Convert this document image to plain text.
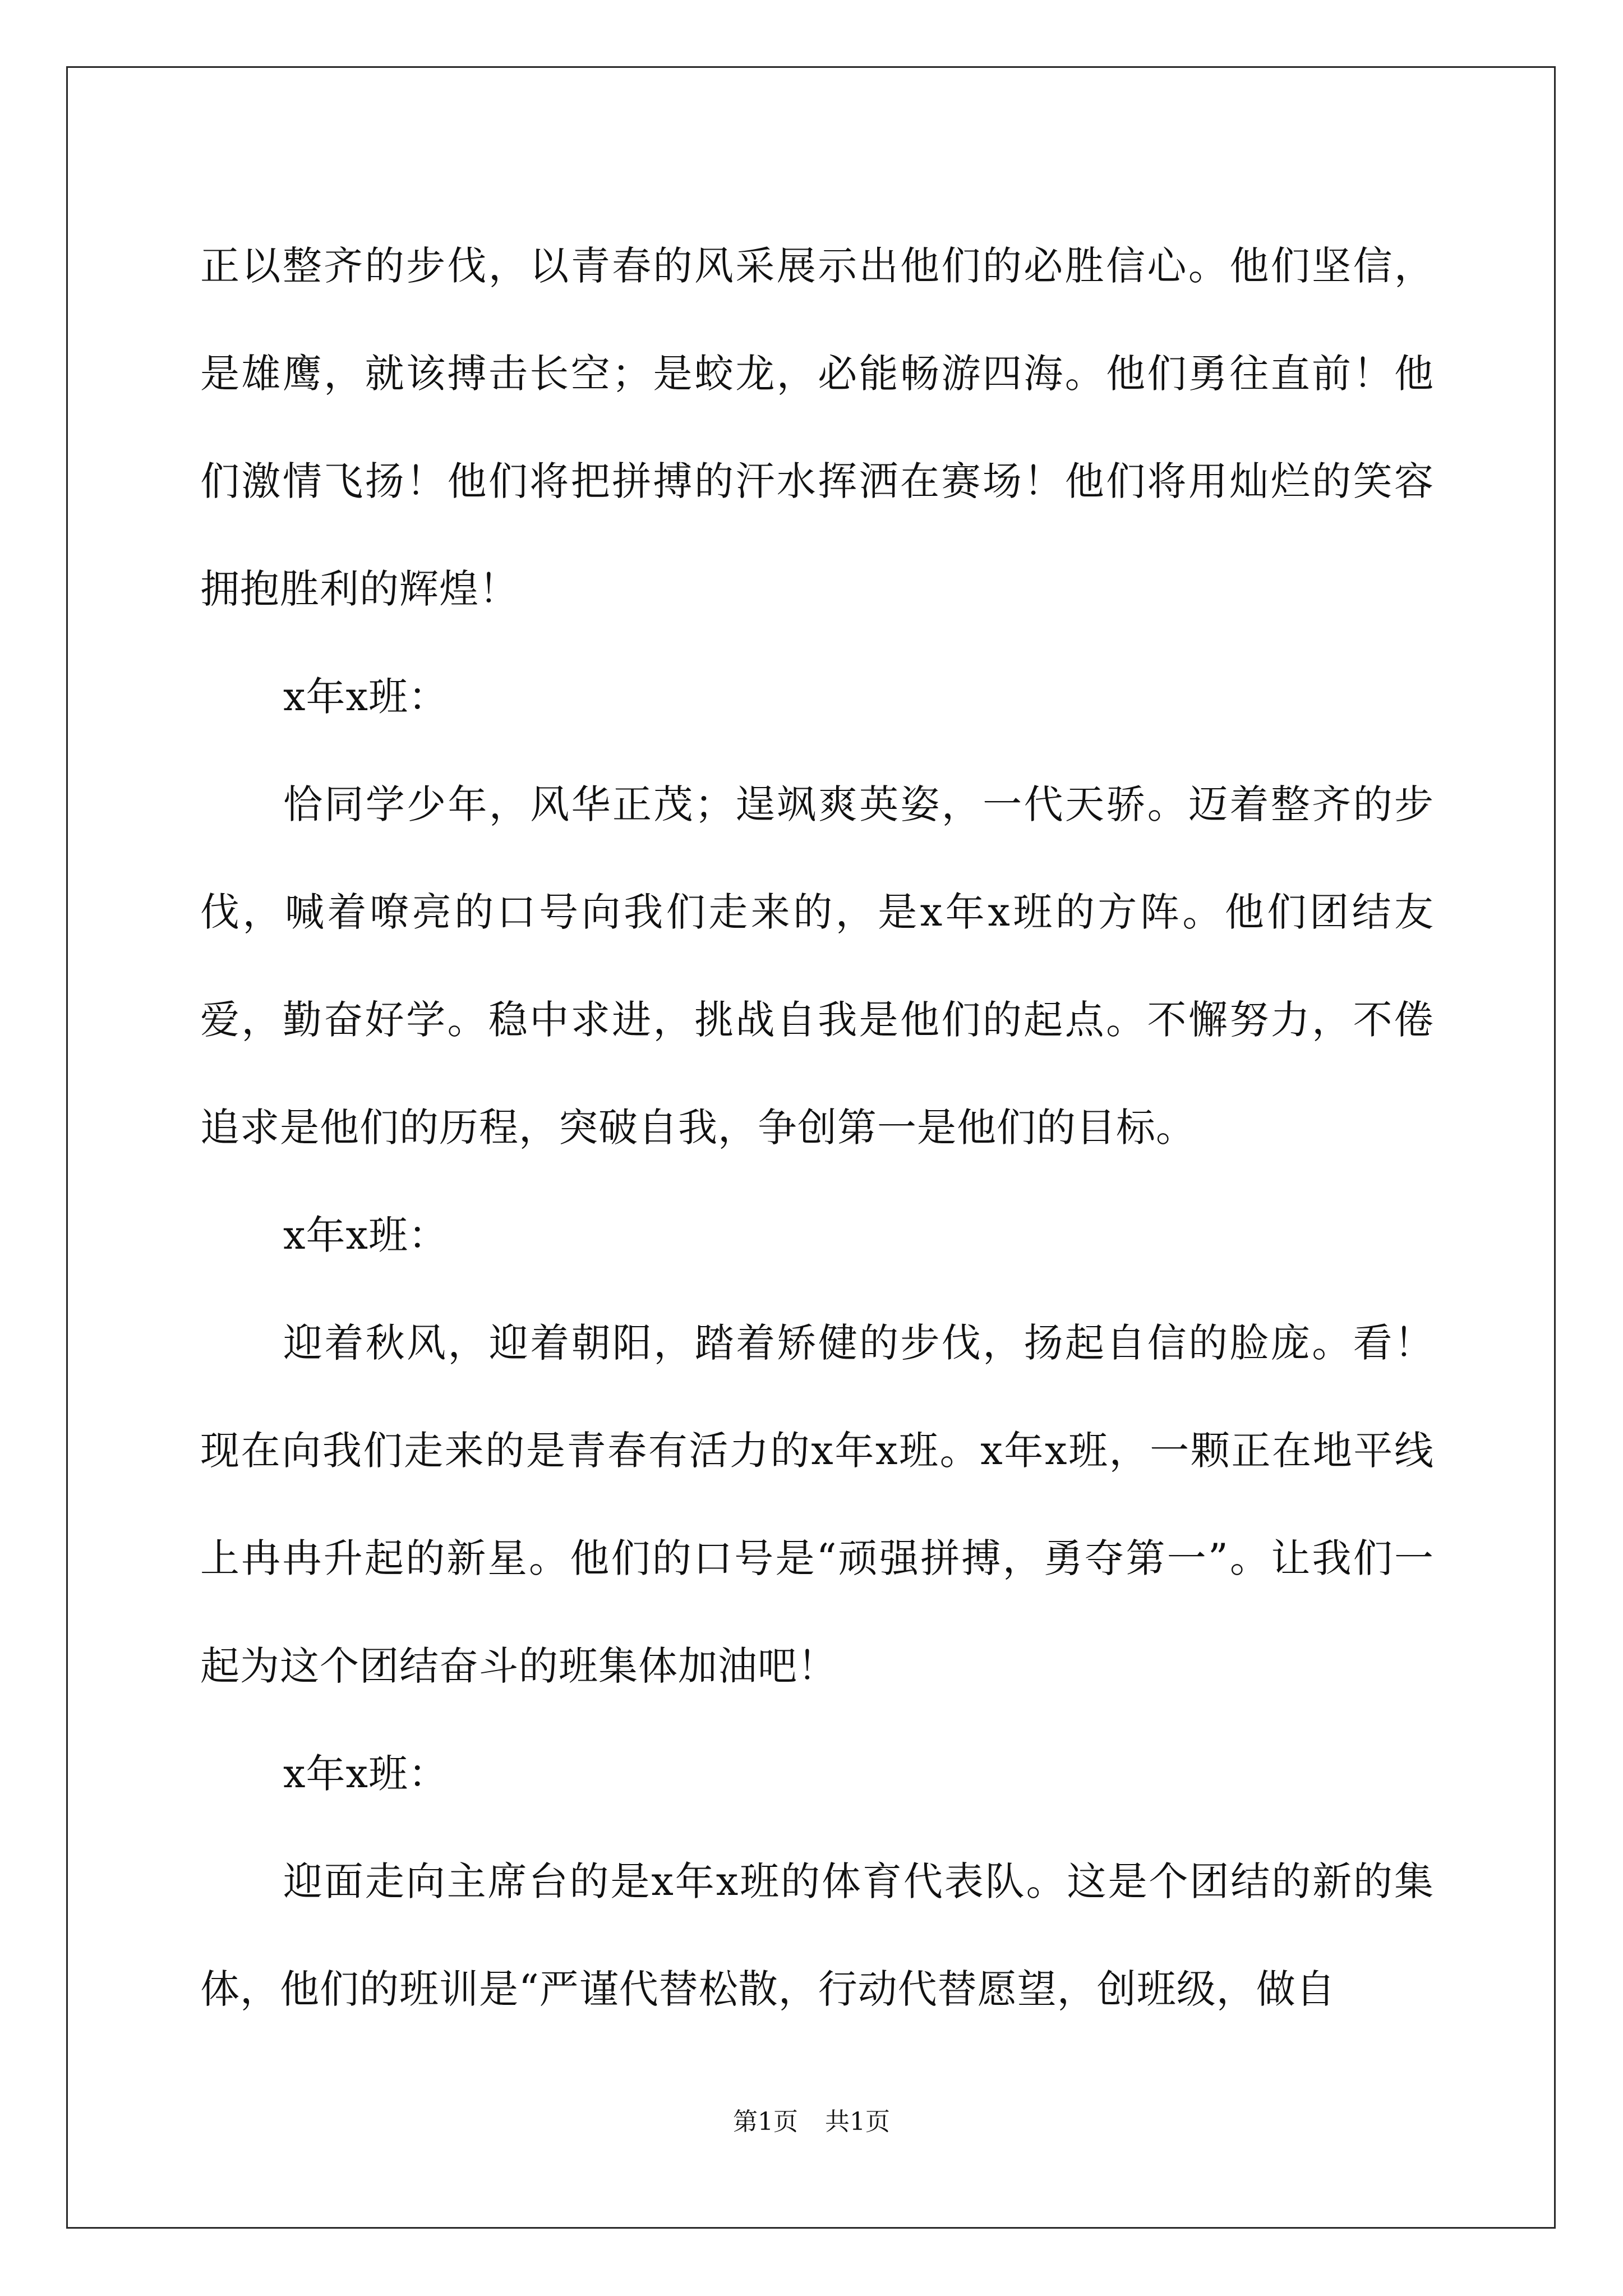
正以整齐的步伐，以青春的风采展示出他们的必胜信心。他们坚信，是雄鹰，就该搏击长空；是蛟龙，必能畅游四海。他们勇往直前！他们激情飞扬！他们将把拼搏的汗水挥洒在赛场！他们将用灿烂的笑容拥抱胜利的辉煌！

x年x班：

恰同学少年，风华正茂；逞飒爽英姿，一代天骄。迈着整齐的步伐，喊着嘹亮的口号向我们走来的，是x年x班的方阵。他们团结友爱，勤奋好学。稳中求进，挑战自我是他们的起点。不懈努力，不倦追求是他们的历程，突破自我，争创第一是他们的目标。

x年x班：

迎着秋风，迎着朝阳，踏着矫健的步伐，扬起自信的脸庞。看！现在向我们走来的是青春有活力的x年x班。x年x班，一颗正在地平线上冉冉升起的新星。他们的口号是“顽强拼搏，勇夺第一”。让我们一起为这个团结奋斗的班集体加油吧！

x年x班：

迎面走向主席台的是x年x班的体育代表队。这是个团结的新的集体，他们的班训是“严谨代替松散，行动代替愿望，创班级，做自

第1页 共1页
